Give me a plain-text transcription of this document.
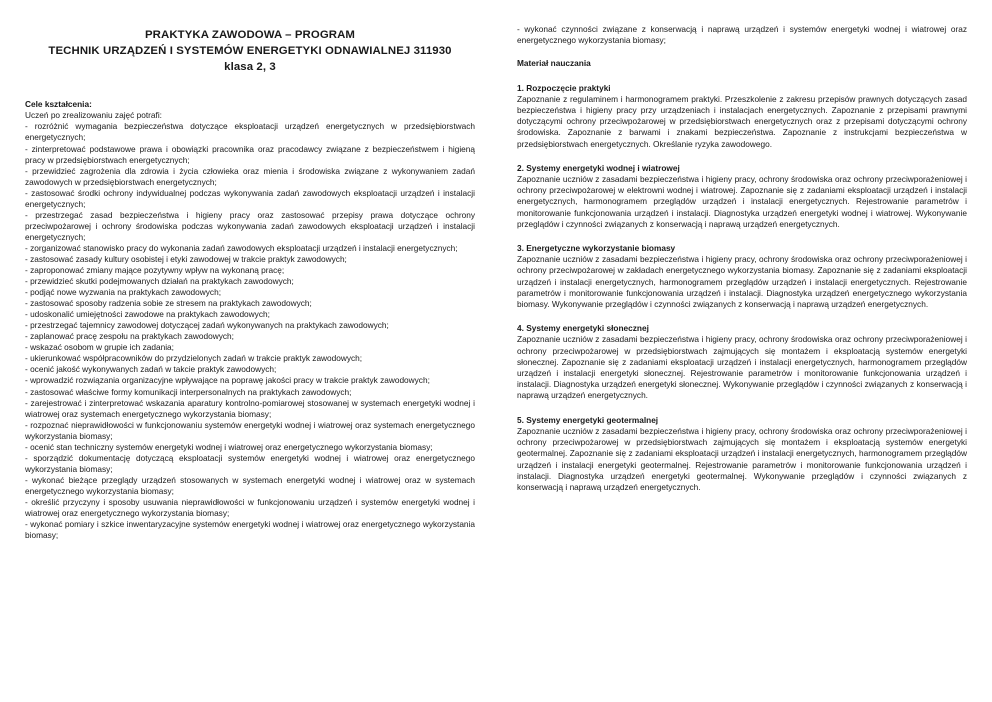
PRAKTYKA ZAWODOWA – PROGRAM
TECHNIK URZĄDZEŃ I SYSTEMÓW ENERGETYKI ODNAWIALNEJ 311930
klasa 2, 3
Cele kształcenia:
Uczeń po zrealizowaniu zajęć potrafi:
- rozróżnić wymagania bezpieczeństwa dotyczące eksploatacji urządzeń energetycznych w przedsiębiorstwach energetycznych;
- zinterpretować podstawowe prawa i obowiązki pracownika oraz pracodawcy związane z bezpieczeństwem i higieną pracy w przedsiębiorstwach energetycznych;
- przewidzieć zagrożenia dla zdrowia i życia człowieka oraz mienia i środowiska związane z wykonywaniem zadań zawodowych w przedsiębiorstwach energetycznych;
- zastosować środki ochrony indywidualnej podczas wykonywania zadań zawodowych eksploatacji urządzeń i instalacji energetycznych;
- przestrzegać zasad bezpieczeństwa i higieny pracy oraz zastosować przepisy prawa dotyczące ochrony przeciwpożarowej i ochrony środowiska podczas wykonywania zadań zawodowych eksploatacji urządzeń i instalacji energetycznych;
- zorganizować stanowisko pracy do wykonania zadań zawodowych eksploatacji urządzeń i instalacji energetycznych;
- zastosować zasady kultury osobistej i etyki zawodowej w trakcie praktyk zawodowych;
- zaproponować zmiany mające pozytywny wpływ na wykonaną pracę;
- przewidzieć skutki podejmowanych działań na praktykach zawodowych;
- podjąć nowe wyzwania na praktykach zawodowych;
- zastosować sposoby radzenia sobie ze stresem na praktykach zawodowych;
- udoskonalić umiejętności zawodowe na praktykach zawodowych;
- przestrzegać tajemnicy zawodowej dotyczącej zadań wykonywanych na praktykach zawodowych;
- zaplanować pracę zespołu na praktykach zawodowych;
- wskazać osobom w grupie ich zadania;
- ukierunkować współpracowników do przydzielonych zadań w trakcie praktyk zawodowych;
- ocenić jakość wykonywanych zadań w takcie praktyk zawodowych;
- wprowadzić rozwiązania organizacyjne wpływające na poprawę jakości pracy w trakcie praktyk zawodowych;
- zastosować właściwe formy komunikacji interpersonalnych na praktykach zawodowych;
- zarejestrować i zinterpretować wskazania aparatury kontrolno-pomiarowej stosowanej w systemach energetyki wodnej i wiatrowej oraz systemach energetycznego wykorzystania biomasy;
- rozpoznać nieprawidłowości w funkcjonowaniu systemów energetyki wodnej i wiatrowej oraz systemach energetycznego wykorzystania biomasy;
- ocenić stan techniczny systemów energetyki wodnej i wiatrowej oraz energetycznego wykorzystania biomasy;
- sporządzić dokumentację dotyczącą eksploatacji systemów energetyki wodnej i wiatrowej oraz energetycznego wykorzystania biomasy;
- wykonać bieżące przeglądy urządzeń stosowanych w systemach energetyki wodnej i wiatrowej oraz w systemach energetycznego wykorzystania biomasy;
- określić przyczyny i sposoby usuwania nieprawidłowości w funkcjonowaniu urządzeń i systemów energetyki wodnej i wiatrowej oraz energetycznego wykorzystania biomasy;
- wykonać pomiary i szkice inwentaryzacyjne systemów energetyki wodnej i wiatrowej oraz energetycznego wykorzystania biomasy;
- wykonać czynności związane z konserwacją i naprawą urządzeń i systemów energetyki wodnej i wiatrowej oraz energetycznego wykorzystania biomasy;
Materiał nauczania
1. Rozpoczęcie praktyki
Zapoznanie z regulaminem i harmonogramem praktyki. Przeszkolenie z zakresu przepisów prawnych dotyczących zasad bezpieczeństwa i higieny pracy przy urządzeniach i instalacjach energetycznych. Zapoznanie z przepisami prawnymi dotyczącymi ochrony przeciwpożarowej w przedsiębiorstwach energetycznych oraz z przepisami dotyczącymi ochrony środowiska. Zapoznanie z barwami i znakami bezpieczeństwa. Zapoznanie z instrukcjami bezpieczeństwa w przedsiębiorstwach energetycznych. Określanie ryzyka zawodowego.
2. Systemy energetyki wodnej i wiatrowej
Zapoznanie uczniów z zasadami bezpieczeństwa i higieny pracy, ochrony środowiska oraz ochrony przeciwporażeniowej i ochrony przeciwpożarowej w elektrowni wodnej i wiatrowej. Zapoznanie się z zadaniami eksploatacji urządzeń i instalacji energetycznych, harmonogramem przeglądów urządzeń i instalacji energetycznych. Rejestrowanie parametrów i monitorowanie funkcjonowania urządzeń i instalacji. Diagnostyka urządzeń energetyki wodnej i wiatrowej. Wykonywanie przeglądów i czynności związanych z konserwacją i naprawą urządzeń energetycznych.
3. Energetyczne wykorzystanie biomasy
Zapoznanie uczniów z zasadami bezpieczeństwa i higieny pracy, ochrony środowiska oraz ochrony przeciwporażeniowej i ochrony przeciwpożarowej w zakładach energetycznego wykorzystania biomasy. Zapoznanie się z zadaniami eksploatacji urządzeń i instalacji energetycznych, harmonogramem przeglądów urządzeń i instalacji energetycznych. Rejestrowanie parametrów i monitorowanie funkcjonowania urządzeń i instalacji. Diagnostyka urządzeń energetycznego wykorzystania biomasy. Wykonywanie przeglądów i czynności związanych z konserwacją i naprawą urządzeń energetycznych.
4. Systemy energetyki słonecznej
Zapoznanie uczniów z zasadami bezpieczeństwa i higieny pracy, ochrony środowiska oraz ochrony przeciwporażeniowej i ochrony przeciwpożarowej w przedsiębiorstwach zajmujących się montażem i eksploatacją systemów energetyki słonecznej. Zapoznanie się z zadaniami eksploatacji urządzeń i instalacji energetycznych, harmonogramem przeglądów urządzeń i instalacji energetyki słonecznej. Rejestrowanie parametrów i monitorowanie funkcjonowania urządzeń i instalacji. Diagnostyka urządzeń energetyki słonecznej. Wykonywanie przeglądów i czynności związanych z konserwacją i naprawą urządzeń energetycznych.
5. Systemy energetyki geotermalnej
Zapoznanie uczniów z zasadami bezpieczeństwa i higieny pracy, ochrony środowiska oraz ochrony przeciwporażeniowej i ochrony przeciwpożarowej w przedsiębiorstwach zajmujących się montażem i eksploatacją systemów energetyki geotermalnej. Zapoznanie się z zadaniami eksploatacji urządzeń i instalacji energetycznych, harmonogramem przeglądów urządzeń i instalacji energetyki geotermalnej. Rejestrowanie parametrów i monitorowanie funkcjonowania urządzeń i instalacji. Diagnostyka urządzeń energetyki geotermalnej. Wykonywanie przeglądów i czynności związanych z konserwacją i naprawą urządzeń energetycznych.
